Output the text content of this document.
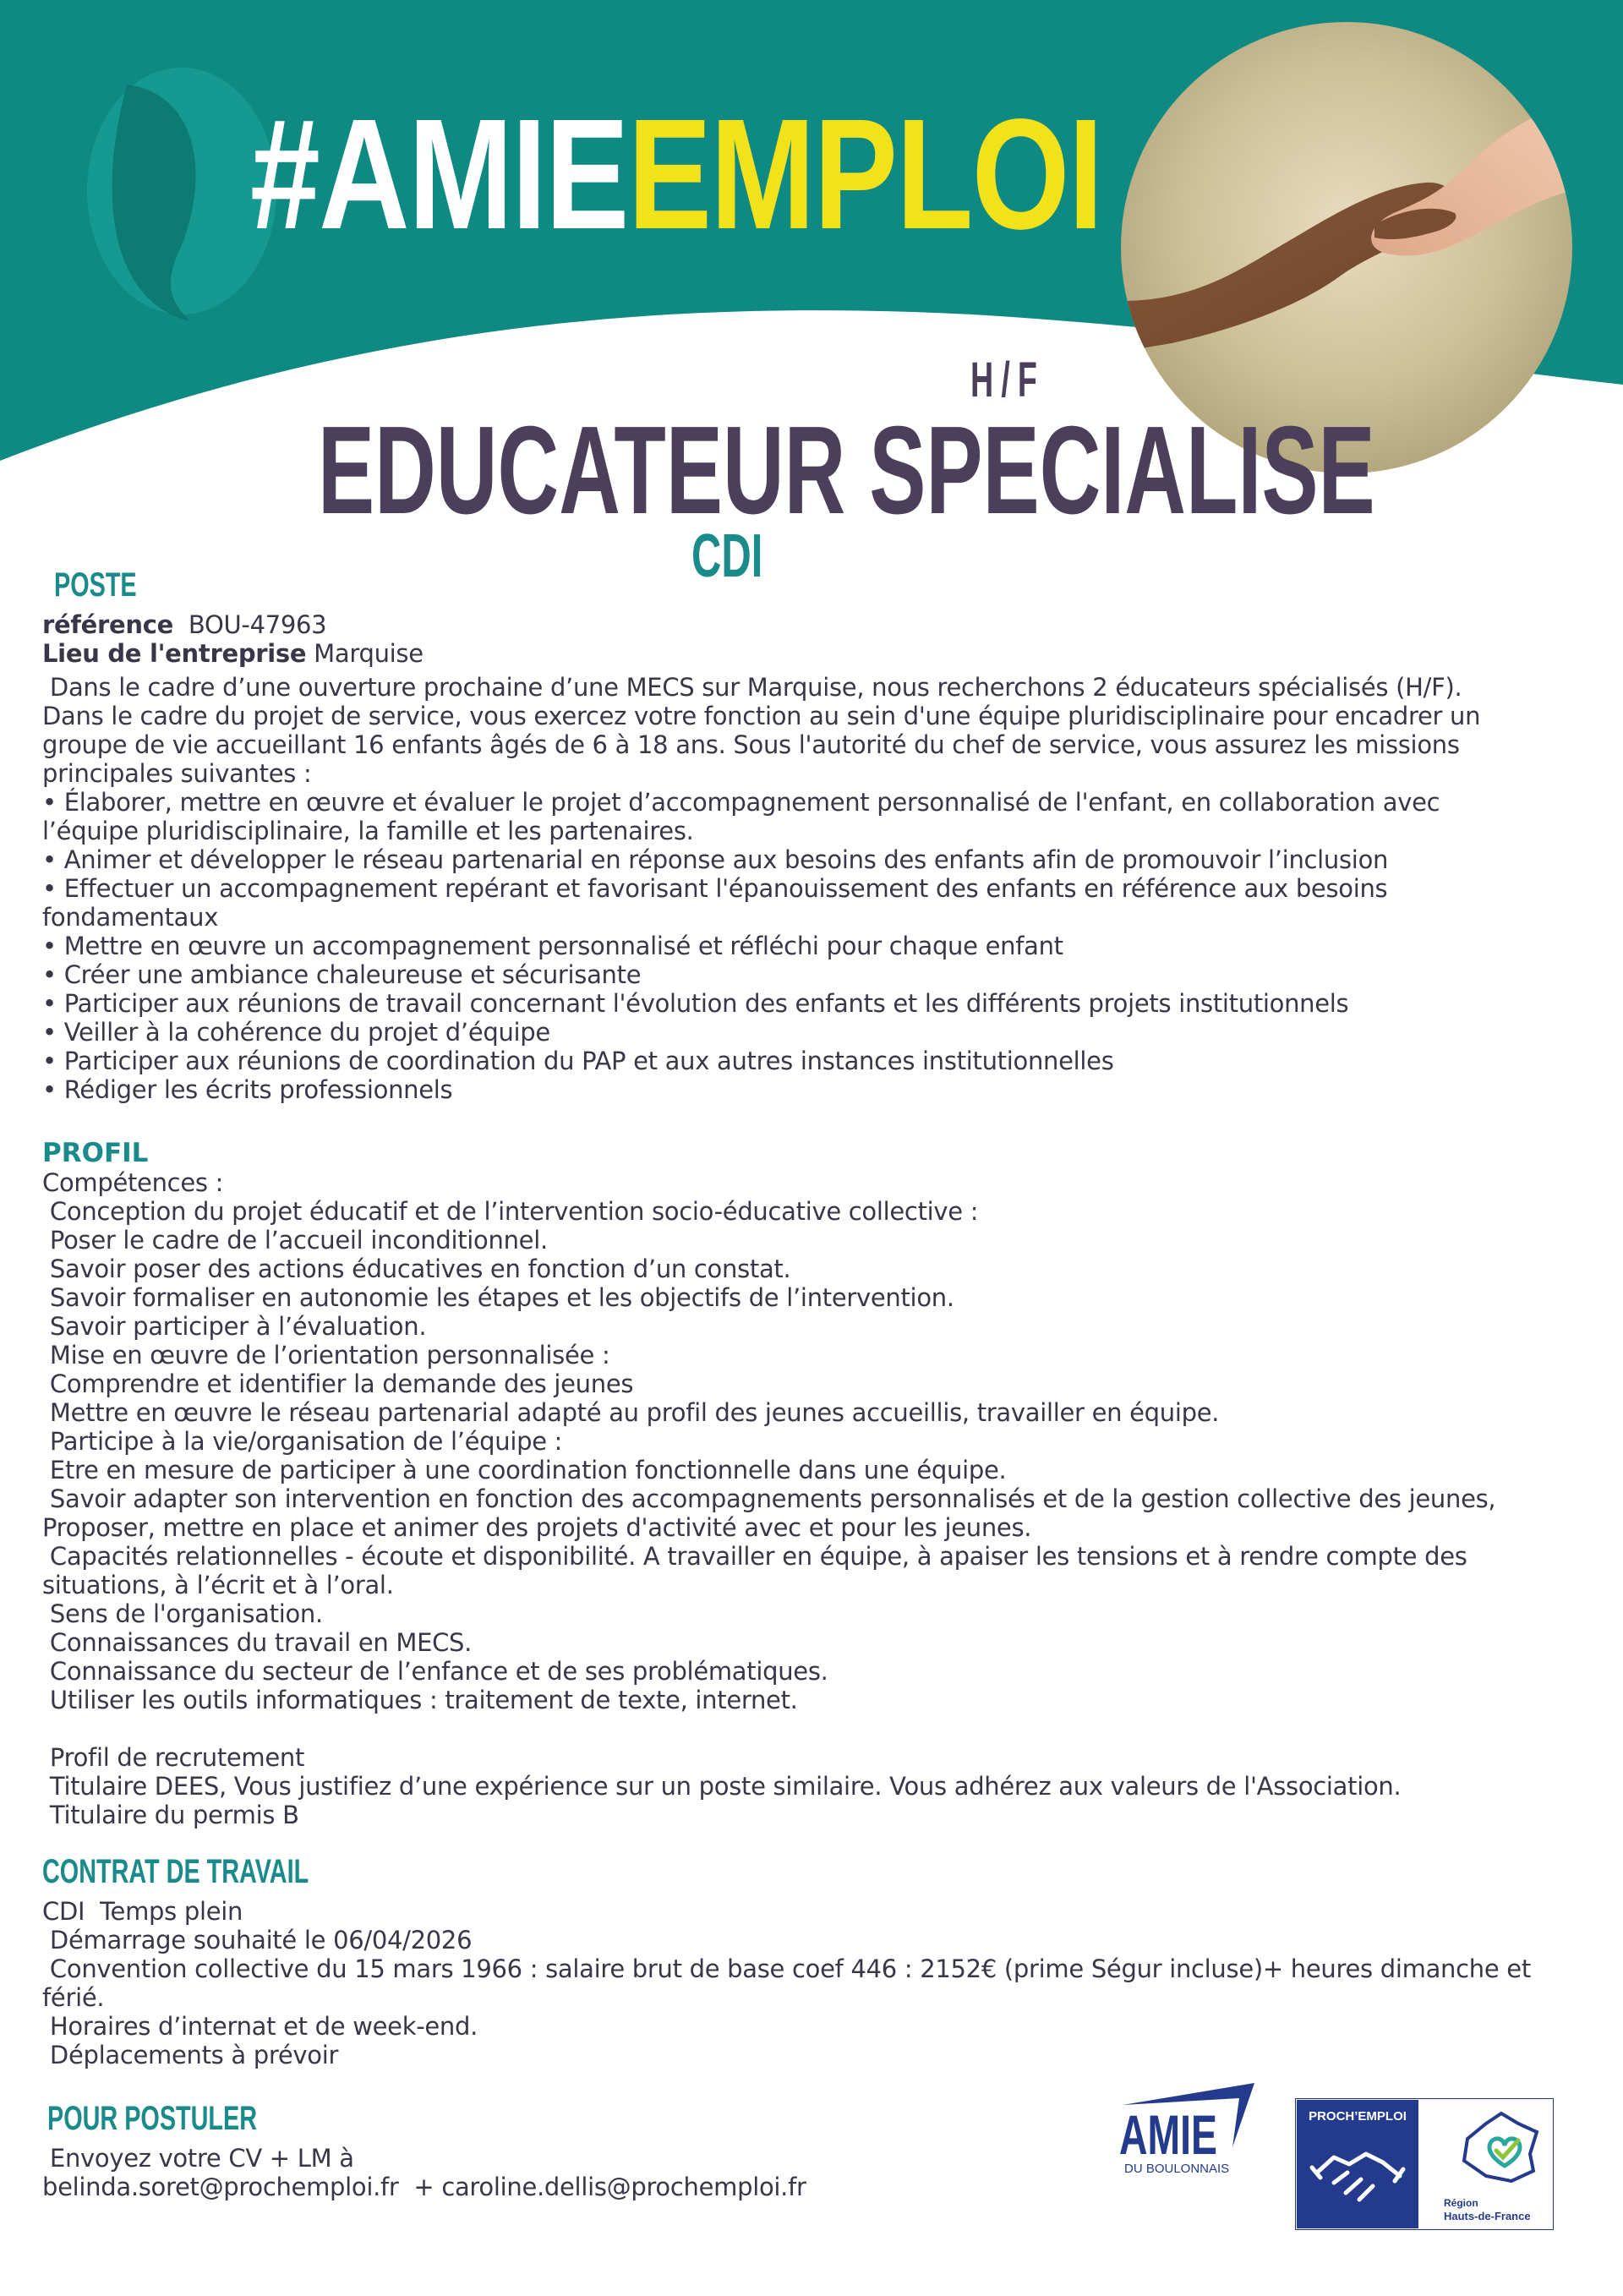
#AMIEEMPLOI
H/F
EDUCATEUR SPECIALISE
CDI
POSTE

référence BOU-47963

Lieu de l'entreprise Marquise

Dans le cadre d’une ouverture prochaine d’une MECS sur Marquise, nous recherchons 2 éducateurs spécialisés (H/F).

Dans le cadre du projet de service, vous exercez votre fonction au sein d'une équipe pluridisciplinaire pour encadrer un

groupe de vie accueillant 16 enfants âgés de 6 à 18 ans. Sous l'autorité du chef de service, vous assurez les missions

principales suivantes :

• Élaborer, mettre en œuvre et évaluer le projet d’accompagnement personnalisé de l'enfant, en collaboration avec

l’équipe pluridisciplinaire, la famille et les partenaires.

• Animer et développer le réseau partenarial en réponse aux besoins des enfants afin de promouvoir l’inclusion

• Effectuer un accompagnement repérant et favorisant l'épanouissement des enfants en référence aux besoins

fondamentaux

• Mettre en œuvre un accompagnement personnalisé et réfléchi pour chaque enfant

• Créer une ambiance chaleureuse et sécurisante

• Participer aux réunions de travail concernant l'évolution des enfants et les différents projets institutionnels

• Veiller à la cohérence du projet d’équipe

• Participer aux réunions de coordination du PAP et aux autres instances institutionnelles

• Rédiger les écrits professionnels

PROFIL

Compétences :

Conception du projet éducatif et de l’intervention socio-éducative collective :

Poser le cadre de l’accueil inconditionnel.

Savoir poser des actions éducatives en fonction d’un constat.

Savoir formaliser en autonomie les étapes et les objectifs de l’intervention.

Savoir participer à l’évaluation.

Mise en œuvre de l’orientation personnalisée :

Comprendre et identifier la demande des jeunes

Mettre en œuvre le réseau partenarial adapté au profil des jeunes accueillis, travailler en équipe.

Participe à la vie/organisation de l’équipe :

Etre en mesure de participer à une coordination fonctionnelle dans une équipe.

Savoir adapter son intervention en fonction des accompagnements personnalisés et de la gestion collective des jeunes,

Proposer, mettre en place et animer des projets d'activité avec et pour les jeunes.

Capacités relationnelles - écoute et disponibilité. A travailler en équipe, à apaiser les tensions et à rendre compte des

situations, à l’écrit et à l’oral.

Sens de l'organisation.

Connaissances du travail en MECS.

Connaissance du secteur de l’enfance et de ses problématiques.

Utiliser les outils informatiques : traitement de texte, internet.

Profil de recrutement

Titulaire DEES, Vous justifiez d’une expérience sur un poste similaire. Vous adhérez aux valeurs de l'Association.

Titulaire du permis B

CONTRAT DE TRAVAIL

CDI  Temps plein

Démarrage souhaité le 06/04/2026

Convention collective du 15 mars 1966 : salaire brut de base coef 446 : 2152€ (prime Ségur incluse)+ heures dimanche et

férié.

Horaires d’internat et de week-end.

Déplacements à prévoir

POUR POSTULER

Envoyez votre CV + LM à

belinda.soret@prochemploi.fr  + caroline.dellis@prochemploi.fr

AMIE
DU BOULONNAIS
PROCH’EMPLOI
Région
Hauts-de-France
